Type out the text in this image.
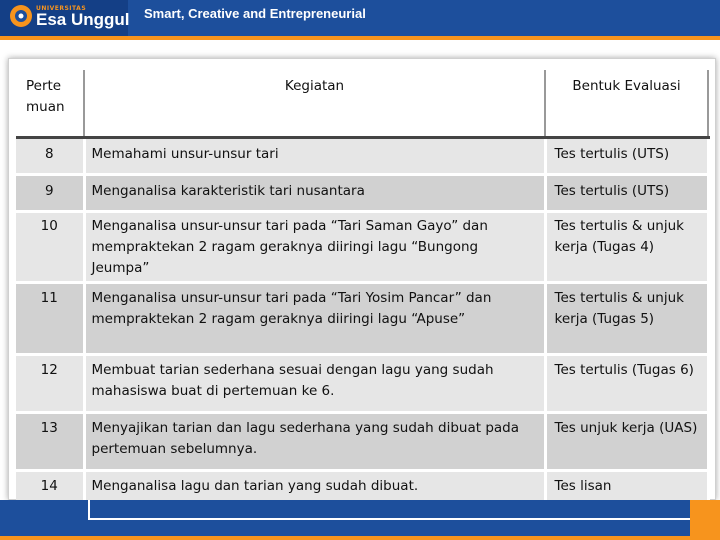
UNIVERSITAS
Esa Unggul Smart, Creative and Entrepreneurial
Perte muan	Kegiatan	Bentuk Evaluasi
8	Memahami unsur-unsur tari	Tes tertulis (UTS)
9	Menganalisa karakteristik tari nusantara	Tes tertulis (UTS)
10	Menganalisa unsur-unsur tari pada “Tari Saman Gayo” dan mempraktekan 2 ragam geraknya diiringi lagu “Bungong Jeumpa”	Tes tertulis & unjuk kerja (Tugas 4)
11	Menganalisa unsur-unsur tari pada “Tari Yosim Pancar” dan mempraktekan 2 ragam geraknya diiringi lagu “Apuse”	Tes tertulis & unjuk kerja (Tugas 5)
12	Membuat tarian sederhana sesuai dengan lagu yang sudah mahasiswa buat di pertemuan ke 6.	Tes tertulis (Tugas 6)
13	Menyajikan tarian dan lagu sederhana yang sudah dibuat pada pertemuan sebelumnya.	Tes unjuk kerja (UAS)
14	Menganalisa lagu dan tarian yang sudah dibuat.	Tes lisan
